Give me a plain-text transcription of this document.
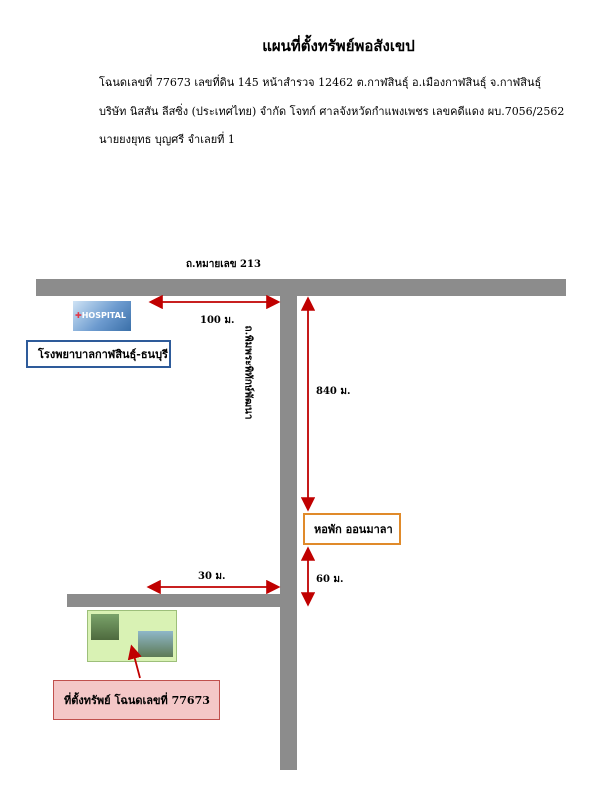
แผนที่ตั้งทรัพย์พอสังเขป
โฉนดเลขที่ 77673 เลขที่ดิน 145 หน้าสำรวจ 12462 ต.กาฬสินธุ์ อ.เมืองกาฬสินธุ์ จ.กาฬสินธุ์
บริษัท นิสสัน ลีสซิ่ง (ประเทศไทย) จำกัด โจทก์ ศาลจังหวัดกำแพงเพชร เลขคดีแดง ผบ.7056/2562
นายยงยุทธ บุญศรี จำเลยที่ 1
ถ.หมายเลข 213
ถ.พิมพระพิทักษ์พัฒนา
✚HOSPITAL
โรงพยาบาลกาฬสินธุ์-ธนบุรี
หอพัก ออนมาลา
ที่ตั้งทรัพย์ โฉนดเลขที่ 77673
100 ม.
840 ม.
30 ม.	60 ม.
